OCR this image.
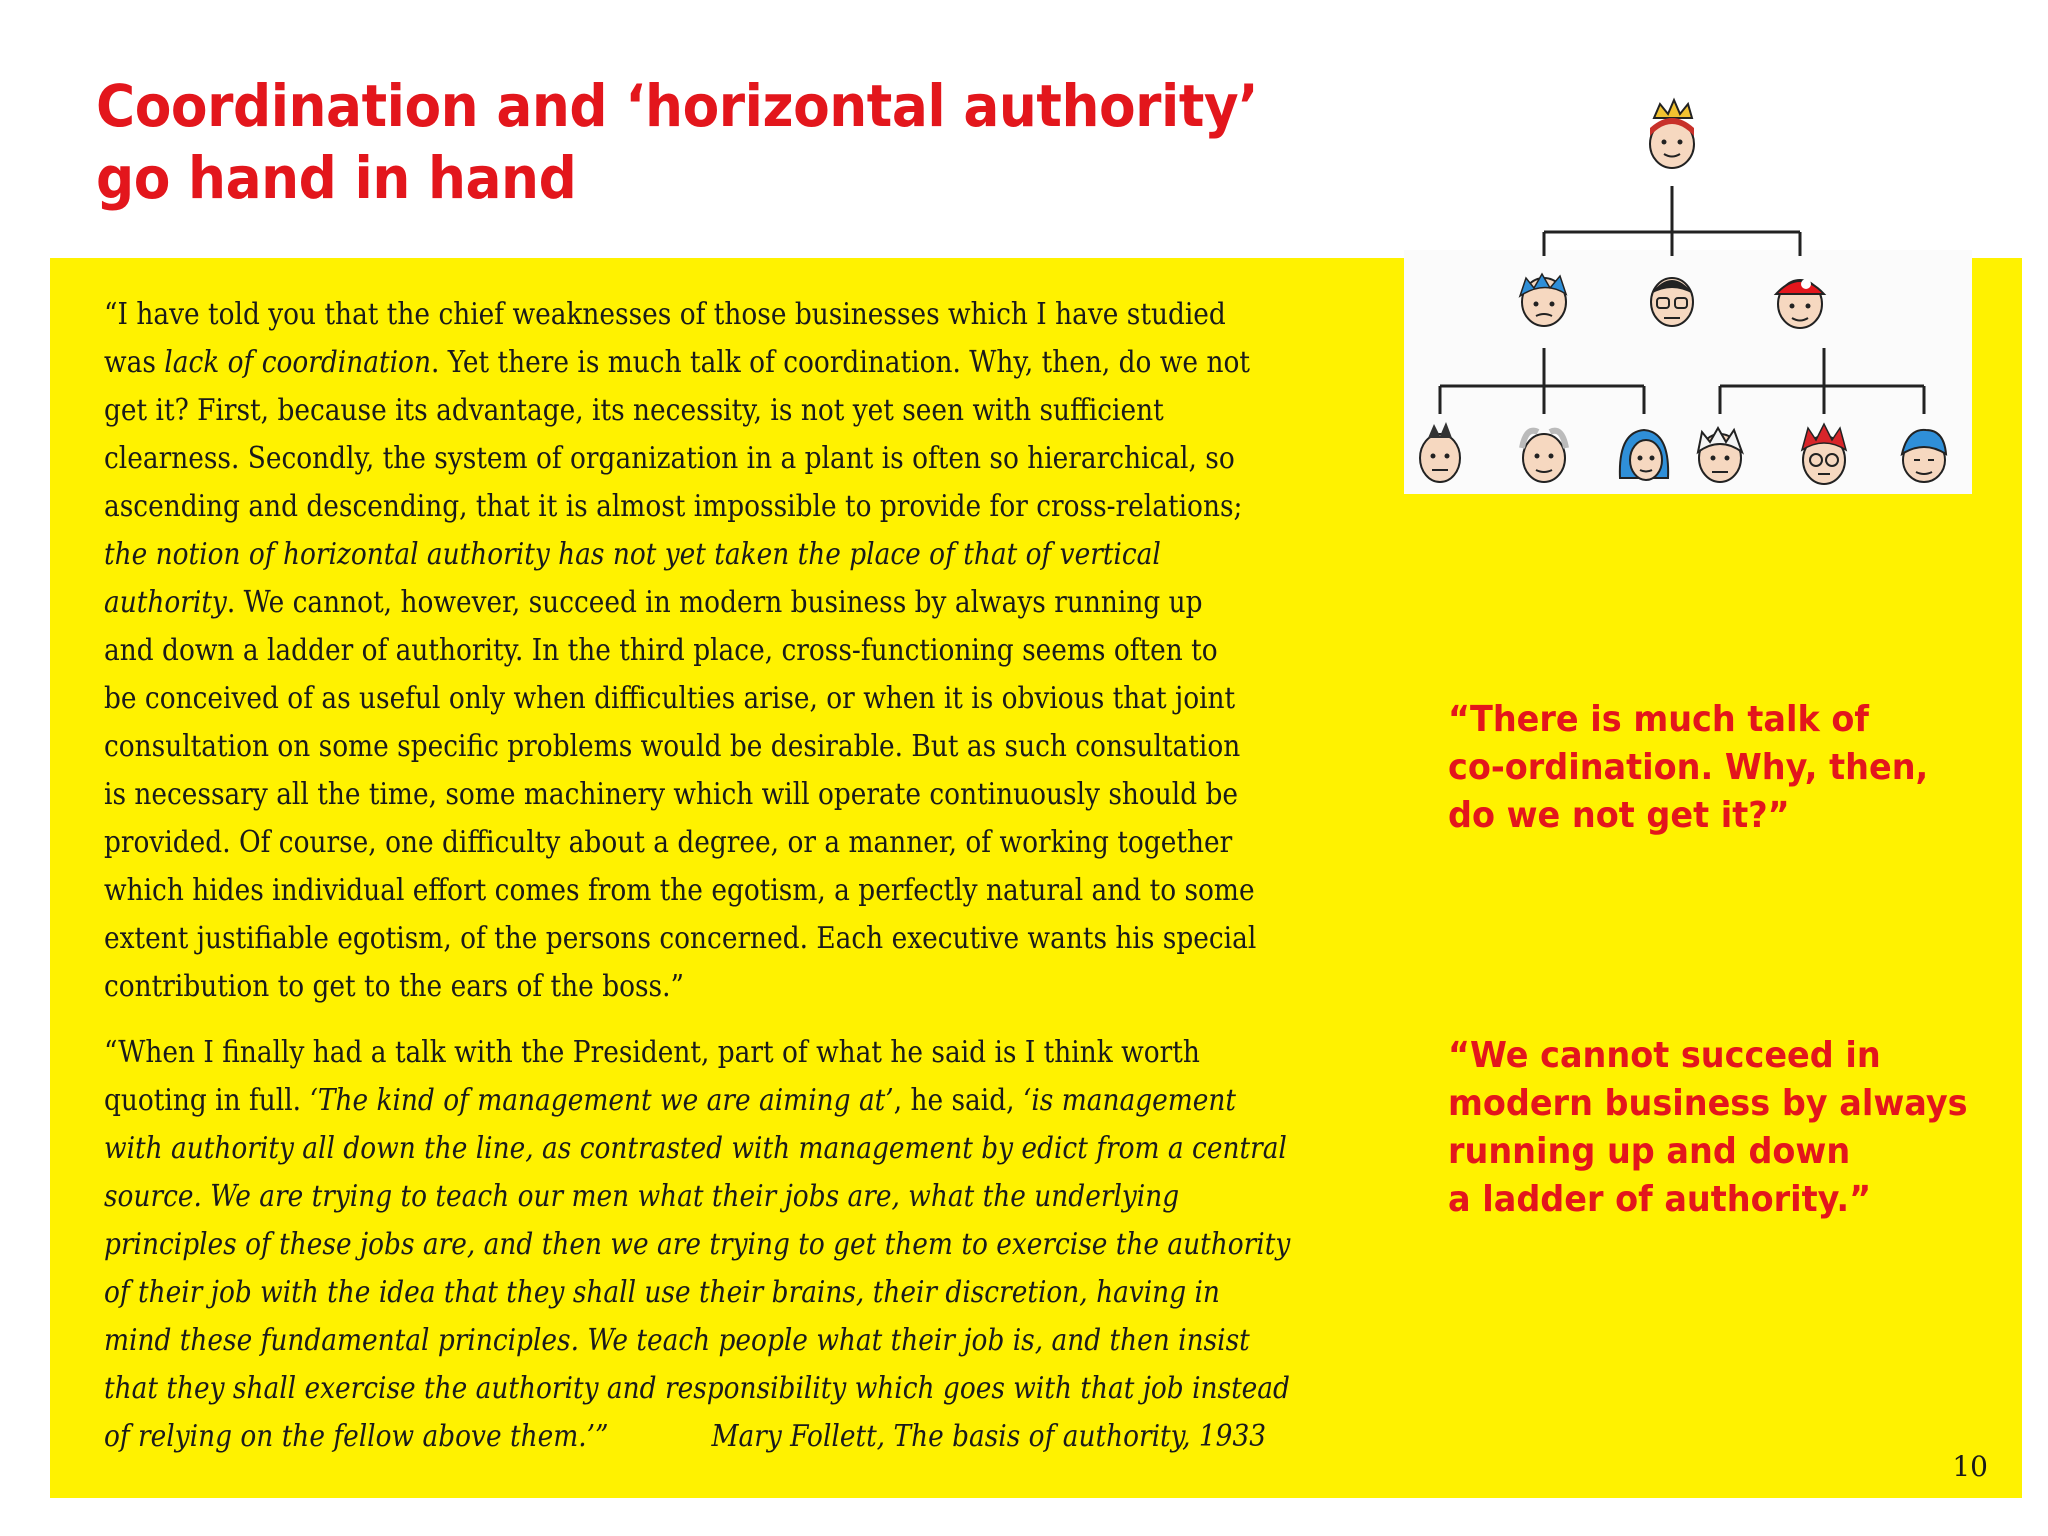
Coordination and ‘horizontal authority’
go hand in hand
“I have told you that the chief weaknesses of those businesses which I have studied
was lack of coordination. Yet there is much talk of coordination. Why, then, do we not
get it? First, because its advantage, its necessity, is not yet seen with sufficient
clearness. Secondly, the system of organization in a plant is often so hierarchical, so
ascending and descending, that it is almost impossible to provide for cross-relations;
the notion of horizontal authority has not yet taken the place of that of vertical
authority. We cannot, however, succeed in modern business by always running up
and down a ladder of authority. In the third place, cross-functioning seems often to
be conceived of as useful only when difficulties arise, or when it is obvious that joint
consultation on some specific problems would be desirable. But as such consultation
is necessary all the time, some machinery which will operate continuously should be
provided. Of course, one difficulty about a degree, or a manner, of working together
which hides individual effort comes from the egotism, a perfectly natural and to some
extent justifiable egotism, of the persons concerned. Each executive wants his special
contribution to get to the ears of the boss.”
“When I finally had a talk with the President, part of what he said is I think worth
quoting in full. ‘The kind of management we are aiming at’, he said, ‘is management
with authority all down the line, as contrasted with management by edict from a central
source. We are trying to teach our men what their jobs are, what the underlying
principles of these jobs are, and then we are trying to get them to exercise the authority
of their job with the idea that they shall use their brains, their discretion, having in
mind these fundamental principles. We teach people what their job is, and then insist
that they shall exercise the authority and responsibility which goes with that job instead
of relying on the fellow above them.’”	Mary Follett, The basis of authority, 1933
“There is much talk of
co-ordination. Why, then,
do we not get it?”
“We cannot succeed in
modern business by always
running up and down
a ladder of authority.”
10
